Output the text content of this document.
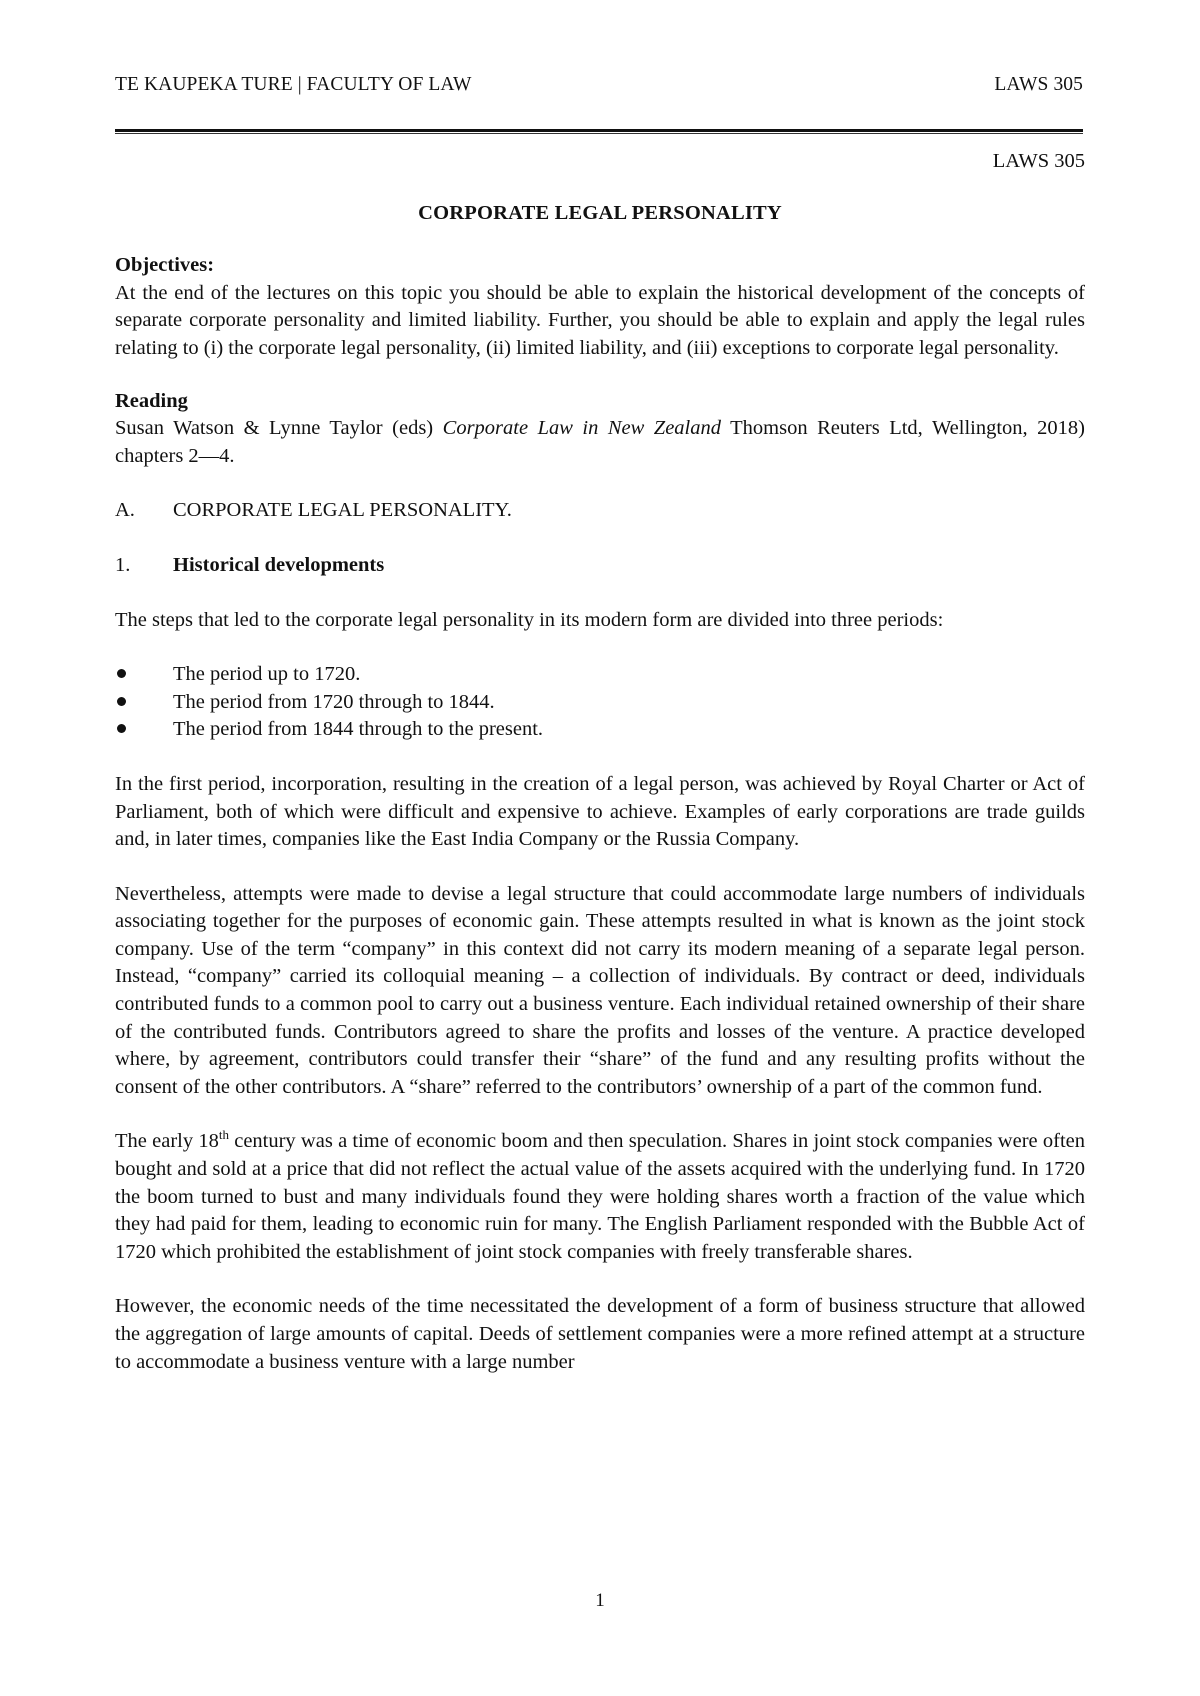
TE KAUPEKA TURE | FACULTY OF LAW	LAWS 305

LAWS 305

CORPORATE LEGAL PERSONALITY

Objectives:

At the end of the lectures on this topic you should be able to explain the historical development of the concepts of separate corporate personality and limited liability. Further, you should be able to explain and apply the legal rules relating to (i) the corporate legal personality, (ii) limited liability, and (iii) exceptions to corporate legal personality.

Reading

Susan Watson & Lynne Taylor (eds) Corporate Law in New Zealand Thomson Reuters Ltd, Wellington, 2018) chapters 2—4.

A.	CORPORATE LEGAL PERSONALITY.
1.	Historical developments

The steps that led to the corporate legal personality in its modern form are divided into three periods:

The period up to 1720.
The period from 1720 through to 1844.
The period from 1844 through to the present.

In the first period, incorporation, resulting in the creation of a legal person, was achieved by Royal Charter or Act of Parliament, both of which were difficult and expensive to achieve. Examples of early corporations are trade guilds and, in later times, companies like the East India Company or the Russia Company.

Nevertheless, attempts were made to devise a legal structure that could accommodate large numbers of individuals associating together for the purposes of economic gain. These attempts resulted in what is known as the joint stock company. Use of the term “company” in this context did not carry its modern meaning of a separate legal person. Instead, “company” carried its colloquial meaning – a collection of individuals. By contract or deed, individuals contributed funds to a common pool to carry out a business venture. Each individual retained ownership of their share of the contributed funds. Contributors agreed to share the profits and losses of the venture. A practice developed where, by agreement, contributors could transfer their “share” of the fund and any resulting profits without the consent of the other contributors. A “share” referred to the contributors’ ownership of a part of the common fund.

The early 18th century was a time of economic boom and then speculation. Shares in joint stock companies were often bought and sold at a price that did not reflect the actual value of the assets acquired with the underlying fund. In 1720 the boom turned to bust and many individuals found they were holding shares worth a fraction of the value which they had paid for them, leading to economic ruin for many. The English Parliament responded with the Bubble Act of 1720 which prohibited the establishment of joint stock companies with freely transferable shares.

However, the economic needs of the time necessitated the development of a form of business structure that allowed the aggregation of large amounts of capital. Deeds of settlement companies were a more refined attempt at a structure to accommodate a business venture with a large number

1
